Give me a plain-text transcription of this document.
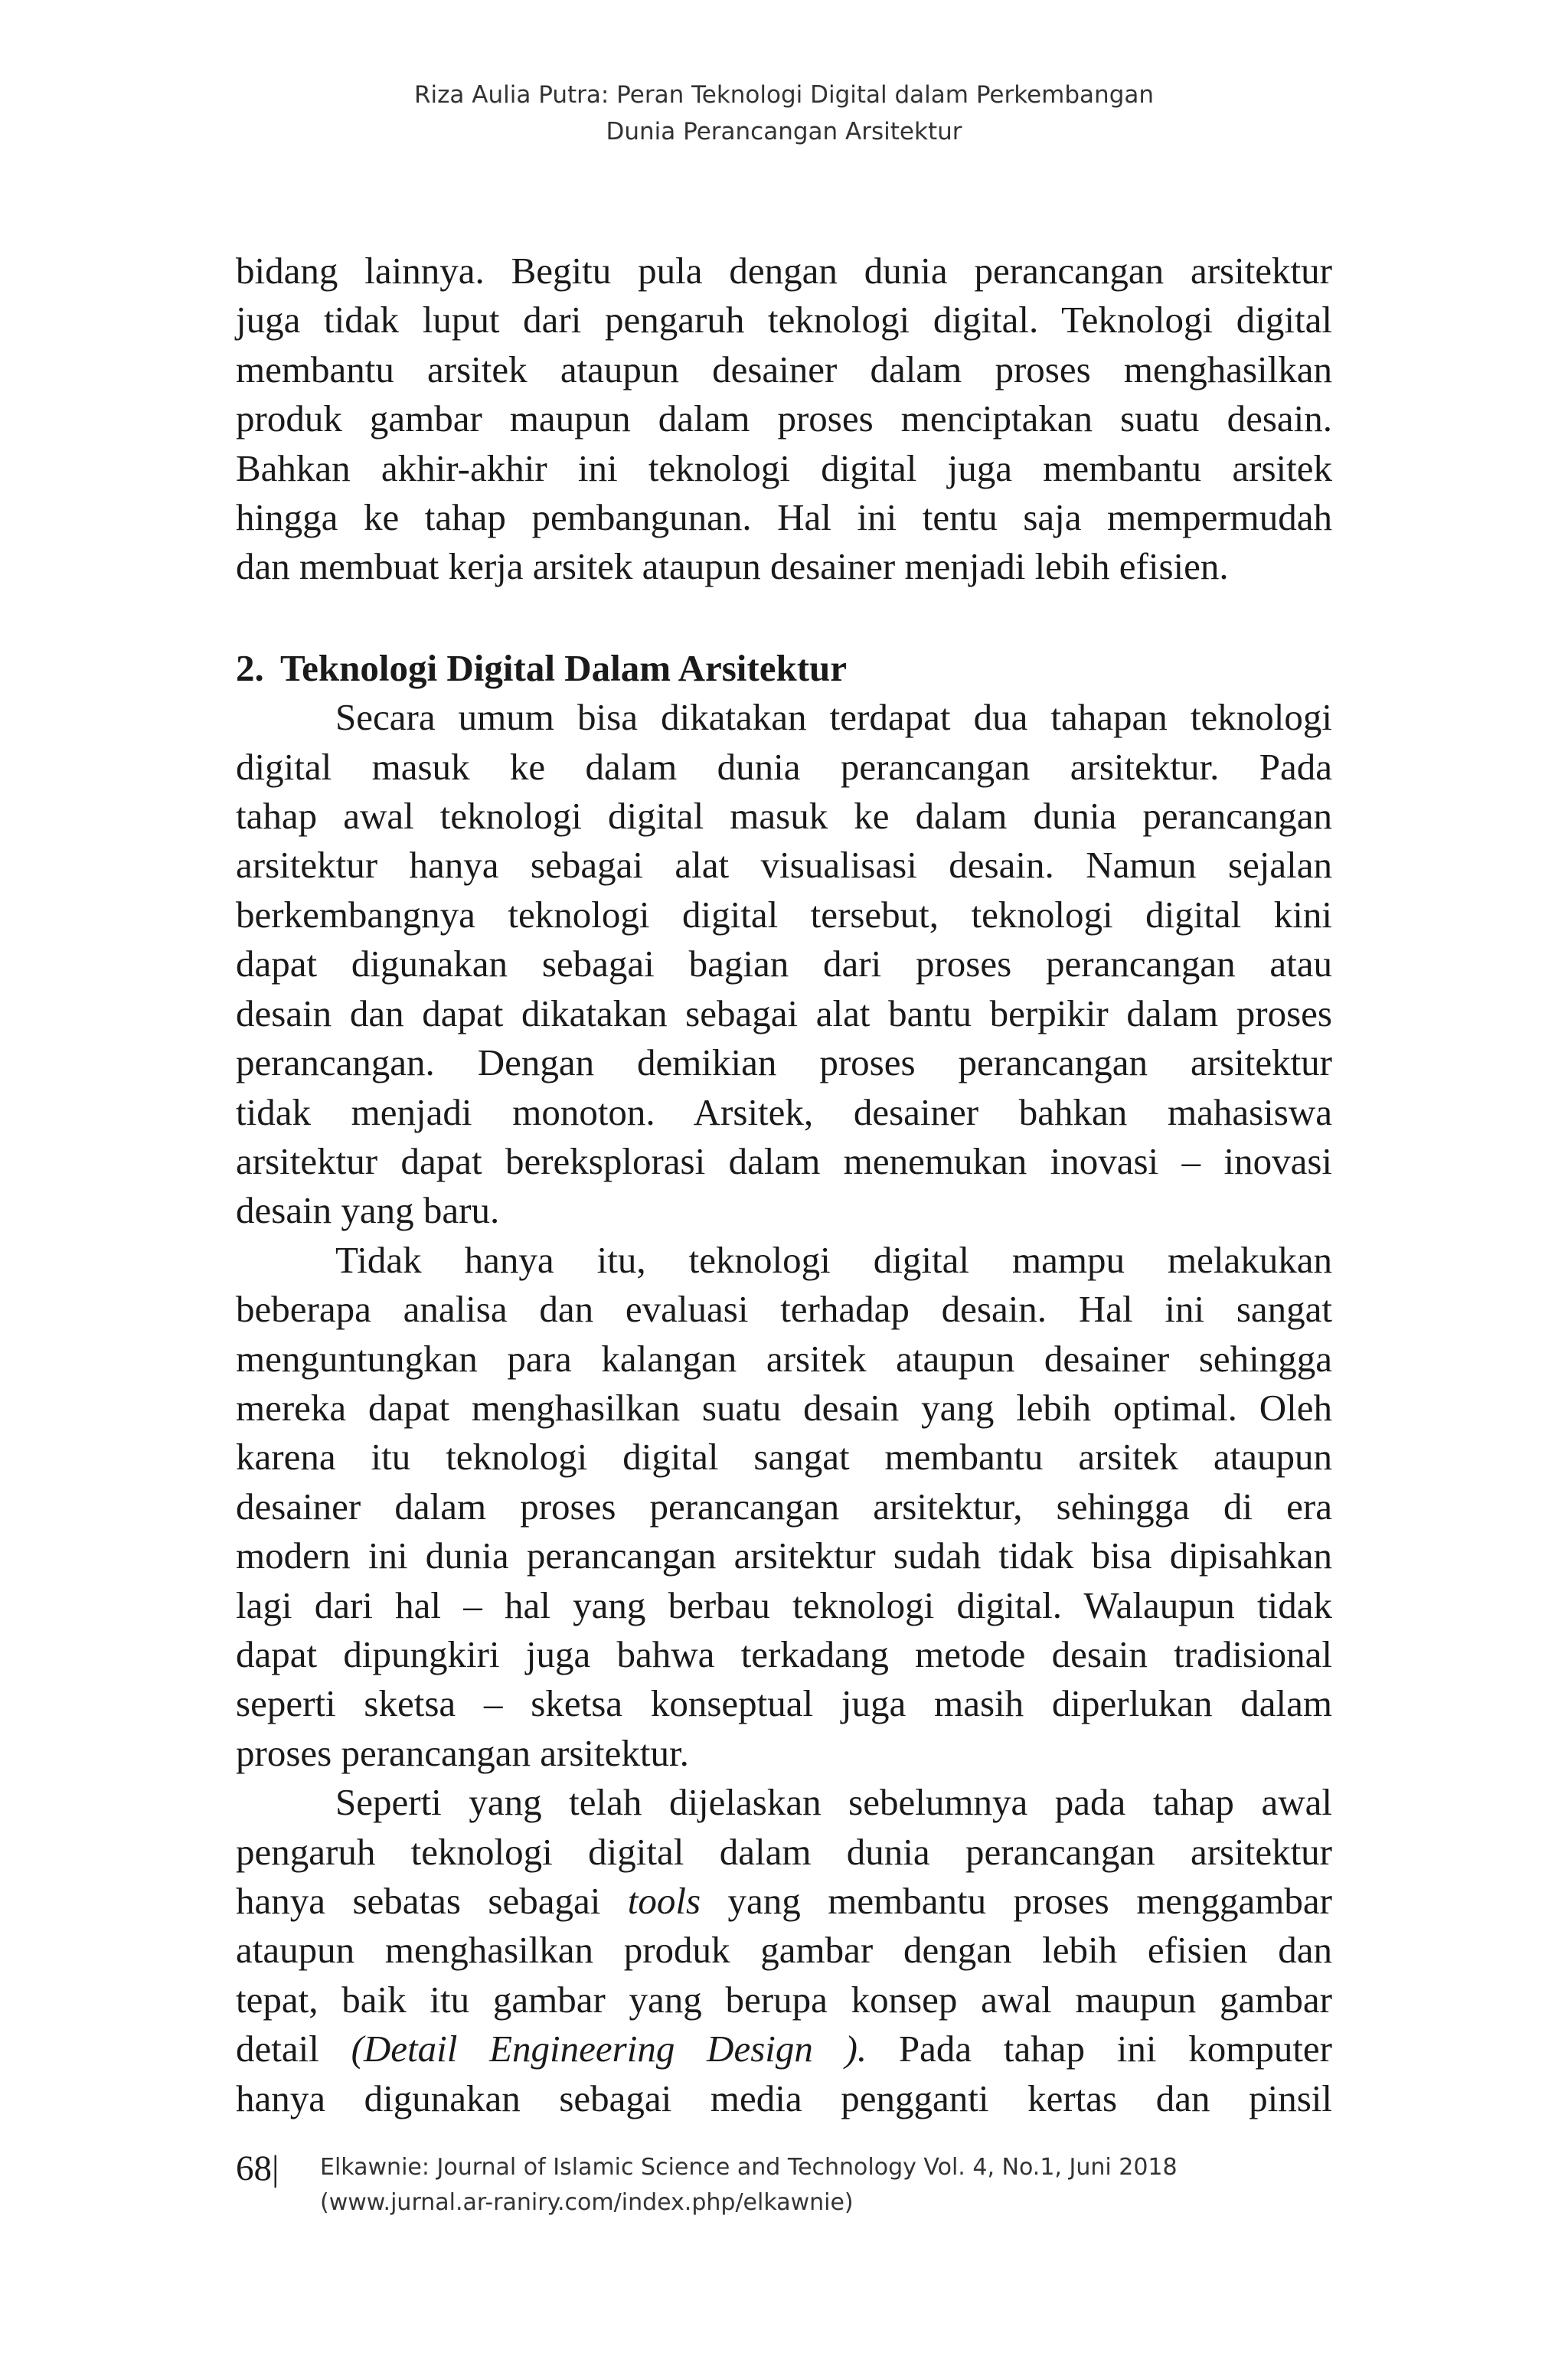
Riza Aulia Putra: Peran Teknologi Digital dalam Perkembangan
Dunia Perancangan Arsitektur

bidang lainnya. Begitu pula dengan dunia perancangan arsitektur

juga tidak luput dari pengaruh teknologi digital. Teknologi digital

membantu arsitek ataupun desainer dalam proses menghasilkan

produk gambar maupun dalam proses menciptakan suatu desain.

Bahkan akhir-akhir ini teknologi digital juga membantu arsitek

hingga ke tahap pembangunan. Hal ini tentu saja mempermudah

dan membuat kerja arsitek ataupun desainer menjadi lebih efisien.

2. Teknologi Digital Dalam Arsitektur

Secara umum bisa dikatakan terdapat dua tahapan teknologi

digital masuk ke dalam dunia perancangan arsitektur. Pada

tahap awal teknologi digital masuk ke dalam dunia perancangan

arsitektur hanya sebagai alat visualisasi desain. Namun sejalan

berkembangnya teknologi digital tersebut, teknologi digital kini

dapat digunakan sebagai bagian dari proses perancangan atau

desain dan dapat dikatakan sebagai alat bantu berpikir dalam proses

perancangan. Dengan demikian proses perancangan arsitektur

tidak menjadi monoton. Arsitek, desainer bahkan mahasiswa

arsitektur dapat bereksplorasi dalam menemukan inovasi – inovasi

desain yang baru.

Tidak hanya itu, teknologi digital mampu melakukan

beberapa analisa dan evaluasi terhadap desain. Hal ini sangat

menguntungkan para kalangan arsitek ataupun desainer sehingga

mereka dapat menghasilkan suatu desain yang lebih optimal. Oleh

karena itu teknologi digital sangat membantu arsitek ataupun

desainer dalam proses perancangan arsitektur, sehingga di era

modern ini dunia perancangan arsitektur sudah tidak bisa dipisahkan

lagi dari hal – hal yang berbau teknologi digital. Walaupun tidak

dapat dipungkiri juga bahwa terkadang metode desain tradisional

seperti sketsa – sketsa konseptual juga masih diperlukan dalam

proses perancangan arsitektur.

Seperti yang telah dijelaskan sebelumnya pada tahap awal

pengaruh teknologi digital dalam dunia perancangan arsitektur

hanya sebatas sebagai tools yang membantu proses menggambar

ataupun menghasilkan produk gambar dengan lebih efisien dan

tepat, baik itu gambar yang berupa konsep awal maupun gambar

detail (Detail Engineering Design ). Pada tahap ini komputer

hanya digunakan sebagai media pengganti kertas dan pinsil

68|	Elkawnie: Journal of Islamic Science and Technology Vol. 4, No.1, Juni 2018
(www.jurnal.ar-raniry.com/index.php/elkawnie)
